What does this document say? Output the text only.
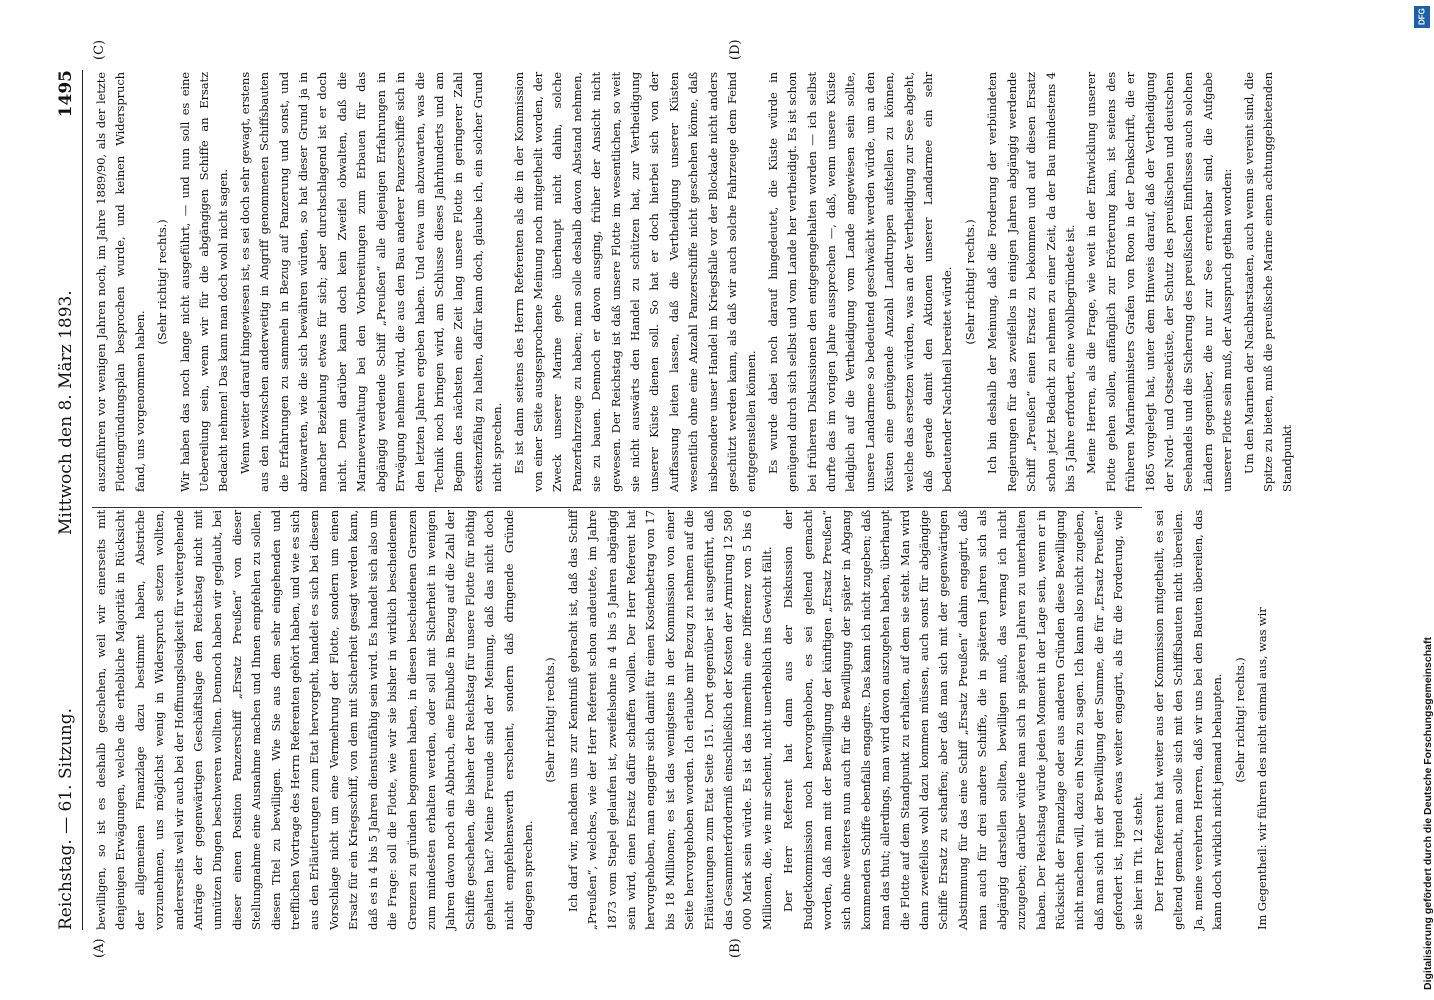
Reichstag. — 61. Sitzung.
Mittwoch den 8. März 1893.
1495
(A)	(B)
(C)	(D)

bewilligen, so ist es deshalb geschehen, weil wir einerseits mit denjenigen Erwägungen, welche die erhebliche Majorität in Rücksicht der allgemeinen Finanzlage dazu bestimmt haben, Abstriche vorzunehmen, uns möglichst wenig in Widerspruch setzen wollten, andererseits weil wir auch bei der Hoffnungslosigkeit für weitergehende Anträge der gegenwärtigen Geschäftslage den Reichstag nicht mit unnützen Dingen beschweren wollten. Dennoch haben wir geglaubt, bei dieser einen Position Panzerschiff „Ersatz Preußen“ von dieser Stellungnahme eine Ausnahme machen und Ihnen empfehlen zu sollen, diesen Titel zu bewilligen. Wie Sie aus dem sehr eingehenden und trefflichen Vortrage des Herrn Referenten gehört haben, und wie es sich aus den Erläuterungen zum Etat hervorgeht, handelt es sich bei diesem Vorschlage nicht um eine Vermehrung der Flotte, sondern um einen Ersatz für ein Kriegsschiff, von dem mit Sicherheit gesagt werden kann, daß es in 4 bis 5 Jahren dienstunfähig sein wird. Es handelt sich also um die Frage: soll die Flotte, wie wir sie bisher in wirklich bescheidenem Grenzen zu gründen begonnen haben, in diesen bescheidenen Grenzen zum mindesten erhalten werden, oder soll mit Sicherheit in wenigen Jahren davon noch ein Abbruch, eine Einbuße in Bezug auf die Zahl der Schiffe geschehen, die bisher der Reichstag für unsere Flotte für nöthig gehalten hat? Meine Freunde sind der Meinung, daß das nicht doch nicht empfehlenswerth erscheint, sondern daß dringende Gründe dagegen sprechen.

(Sehr richtig! rechts.) Ich darf wir, nachdem uns zur Kenntniß gebracht ist, daß das Schiff „Preußen“, welches, wie der Herr Referent schon andeutete, im Jahre 1873 vom Stapel gelaufen ist, zweifelsohne in 4 bis 5 Jahren abgängig sein wird, einen Ersatz dafür schaffen wollen. Der Herr Referent hat hervorgehoben, man engagire sich damit für einen Kostenbetrag von 17 bis 18 Millionen; es ist das wenigstens in der Kommission von einer Seite hervorgehoben worden. Ich erlaube mir Bezug zu nehmen auf die Erläuterungen zum Etat Seite 151. Dort gegenüber ist ausgeführt, daß das Gesammterforderniß einschließlich der Kosten der Armirung 12 580 000 Mark sein würde. Es ist das immerhin eine Differenz von 5 bis 6 Millionen, die, wie mir scheint, nicht unerheblich ins Gewicht fällt. Der Herr Referent hat dann aus der Diskussion der Budgetkommission noch hervorgehoben, es sei geltend gemacht worden, daß man mit der Bewilligung der künftigen „Ersatz Preußen“ sich ohne weiteres nun auch für die Bewilligung der später in Abgang kommenden Schiffe ebenfalls engagire. Das kann ich nicht zugeben; daß man das thut; allerdings, man wird davon auszugehen haben, überhaupt die Flotte auf dem Standpunkt zu erhalten, auf dem sie steht. Man wird dann zweifellos wohl dazu kommen müssen, auch sonst für abgängige Schiffe Ersatz zu schaffen; aber daß man sich mit der gegenwärtigen Abstimmung für das eine Schiff „Ersatz Preußen“ dahin engagirt, daß man auch für drei andere Schiffe, die in späteren Jahren sich als abgängig darstellen sollten, bewilligen muß, das vermag ich nicht zuzugeben; darüber würde man sich in späteren Jahren zu unterhalten haben. Der Reichstag würde jeden Moment in der Lage sein, wenn er in Rücksicht der Finanzlage oder aus anderen Gründen diese Bewilligung nicht machen will, dazu ein Nein zu sagen. Ich kann also nicht zugeben, daß man sich mit der Bewilligung der Summe, die für „Ersatz Preußen“ gefordert ist, irgend etwas weiter engagirt, als für die Forderung, wie sie hier im Tit. 12 steht. Der Herr Referent hat weiter aus der Kommission mitgetheilt, es sei geltend gemacht, man solle sich mit den Schiffsbauten nicht übereilen. Ja, meine verehrten Herren, daß wir uns bei den Bauten übereilen, das kann doch wirklich nicht jemand behaupten. (Sehr richtig! rechts.) Im Gegentheil: wir führen des nicht einmal aus, was wir

auszuführen vor wenigen Jahren noch, im Jahre 1889/90, als der letzte Flottengründungsplan besprochen wurde, und keinen Widerspruch fand, uns vorgenommen haben.

(Sehr richtig! rechts.) Wir haben das noch lange nicht ausgeführt, — und nun soll es eine Uebereilung sein, wenn wir für die abgängigen Schiffe an Ersatz Bedacht nehmen! Das kann man doch wohl nicht sagen. Wenn weiter darauf hingewiesen ist, es sei doch sehr gewagt, erstens aus den inzwischen anderweitig in Angriff genommenen Schiffsbauten die Erfahrungen zu sammeln in Bezug auf Panzerung und sonst, und abzuwarten, wie die sich bewähren würden, so hat dieser Grund ja in mancher Beziehung etwas für sich; aber durchschlagend ist er doch nicht. Denn darüber kann doch kein Zweifel obwalten, daß die Marineverwaltung bei den Vorbereitungen zum Erbauen für das abgängig werdende Schiff „Preußen“ alle diejenigen Erfahrungen in Erwägung nehmen wird, die aus den Bau anderer Panzerschiffe sich in den letzten Jahren ergeben haben. Und etwa um abzuwarten, was die Technik noch bringen wird, am Schlusse dieses Jahrhunderts und am Beginn des nächsten eine Zeit lang unsere Flotte in geringerer Zahl existenzfähig zu halten, dafür kann doch, glaube ich, ein solcher Grund nicht sprechen. Es ist dann seitens des Herrn Referenten als die in der Kommission von einer Seite ausgesprochene Meinung noch mitgetheilt worden, der Zweck unserer Marine gehe überhaupt nicht dahin, solche Panzerfahrzeuge zu haben; man solle deshalb davon Abstand nehmen, sie zu bauen. Dennoch er davon ausging, früher der Ansicht nicht gewesen. Der Reichstag ist daß unsere Flotte im wesentlichen, so weit sie nicht auswärts den Handel zu schützen hat, zur Vertheidigung unserer Küste dienen soll. So hat er doch hierbei sich von der Auffassung leiten lassen, daß die Vertheidigung unserer Küsten wesentlich ohne eine Anzahl Panzerschiffe nicht geschehen könne, daß insbesondere unser Handel im Kriegsfalle vor der Blockade nicht anders geschützt werden kann, als daß wir auch solche Fahrzeuge dem Feind entgegenstellen können. Es wurde dabei noch darauf hingedeutet, die Küste würde in genügend durch sich selbst und vom Lande her vertheidigt. Es ist schon bei früheren Diskussionen den entgegengehalten worden — ich selbst durfte das im vorigen Jahre aussprechen —, daß, wenn unsere Küste lediglich auf die Vertheidigung vom Lande angewiesen sein sollte, unsere Landarmee so bedeutend geschwächt werden würde, um an den Küsten eine genügende Anzahl Landtruppen aufstellen zu können, welche das ersetzen würden, was an der Vertheidigung zur See abgeht, daß gerade damit den Aktionen unserer Landarmee ein sehr bedeutender Nachtheil bereitet würde. (Sehr richtig! rechts.) Ich bin deshalb der Meinung, daß die Forderung der verbündeten Regierungen für das zweifellos in einigen Jahren abgängig werdende Schiff „Preußen“ einen Ersatz zu bekommen und auf diesen Ersatz schon jetzt Bedacht zu nehmen zu einer Zeit, da der Bau mindestens 4 bis 5 Jahre erfordert, eine wohlbegründete ist. Meine Herren, als die Frage, wie weit in der Entwicklung unserer Flotte gehen sollen, anfänglich zur Erörterung kam, ist seitens des früheren Marineministers Grafen von Roon in der Denkschrift, die er 1865 vorgelegt hat, unter dem Hinweis darauf, daß der Vertheidigung der Nord- und Ostseeküste, der Schutz des preußischen und deutschen Seehandels und die Sicherung des preußischen Einflusses auch solchen Ländern gegenüber, die nur zur See erreichbar sind, die Aufgabe unserer Flotte sein muß, der Ausspruch gethan worden: Um den Marinen der Nachbarstaaten, auch wenn sie vereint sind, die Spitze zu bieten, muß die preußische Marine einen achtunggebietenden Standpunkt

DFG
Digitalisierung gefördert durch die Deutsche Forschungsgemeinschaft
